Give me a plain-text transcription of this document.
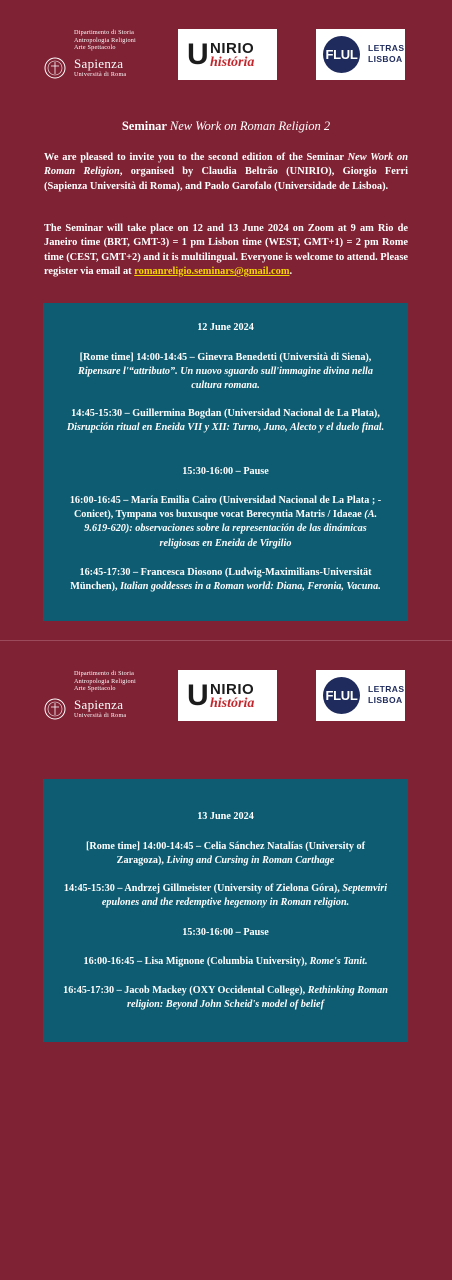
Dipartimento di Storia
Antropologia Religioni
Arte Spettacolo
Sapienza
Università di Roma
U NIRIO
história
FLUL LETRAS
LISBOA
Seminar New Work on Roman Religion 2
We are pleased to invite you to the second edition of the Seminar New Work on Roman Religion, organised by Claudia Beltrão (UNIRIO), Giorgio Ferri (Sapienza Università di Roma), and Paolo Garofalo (Universidade de Lisboa).
The Seminar will take place on 12 and 13 June 2024 on Zoom at 9 am Rio de Janeiro time (BRT, GMT-3) = 1 pm Lisbon time (WEST, GMT+1) = 2 pm Rome time (CEST, GMT+2) and it is multilingual. Everyone is welcome to attend. Please register via email at romanreligio.seminars@gmail.com.
12 June 2024
[Rome time] 14:00-14:45 – Ginevra Benedetti (Università di Siena), Ripensare l'“attributo”. Un nuovo sguardo sull'immagine divina nella cultura romana.
14:45-15:30 – Guillermina Bogdan (Universidad Nacional de La Plata), Disrupción ritual en Eneida VII y XII: Turno, Juno, Alecto y el duelo final.
15:30-16:00 – Pause
16:00-16:45 – María Emilia Cairo (Universidad Nacional de La Plata ; - Conicet), Tympana vos buxusque vocat Berecyntia Matris / Idaeae (A. 9.619-620): observaciones sobre la representación de las dinámicas religiosas en Eneida de Virgilio
16:45-17:30 – Francesca Diosono (Ludwig-Maximilians-Universität München), Italian goddesses in a Roman world: Diana, Feronia, Vacuna.
Dipartimento di Storia
Antropologia Religioni
Arte Spettacolo
Sapienza
Università di Roma
U NIRIO
história
FLUL LETRAS
LISBOA
13 June 2024
[Rome time] 14:00-14:45 – Celia Sánchez Natalías (University of Zaragoza), Living and Cursing in Roman Carthage
14:45-15:30 – Andrzej Gillmeister (University of Zielona Góra), Septemviri epulones and the redemptive hegemony in Roman religion.
15:30-16:00 – Pause
16:00-16:45 – Lisa Mignone (Columbia University), Rome's Tanit.
16:45-17:30 – Jacob Mackey (OXY Occidental College), Rethinking Roman religion: Beyond John Scheid's model of belief
